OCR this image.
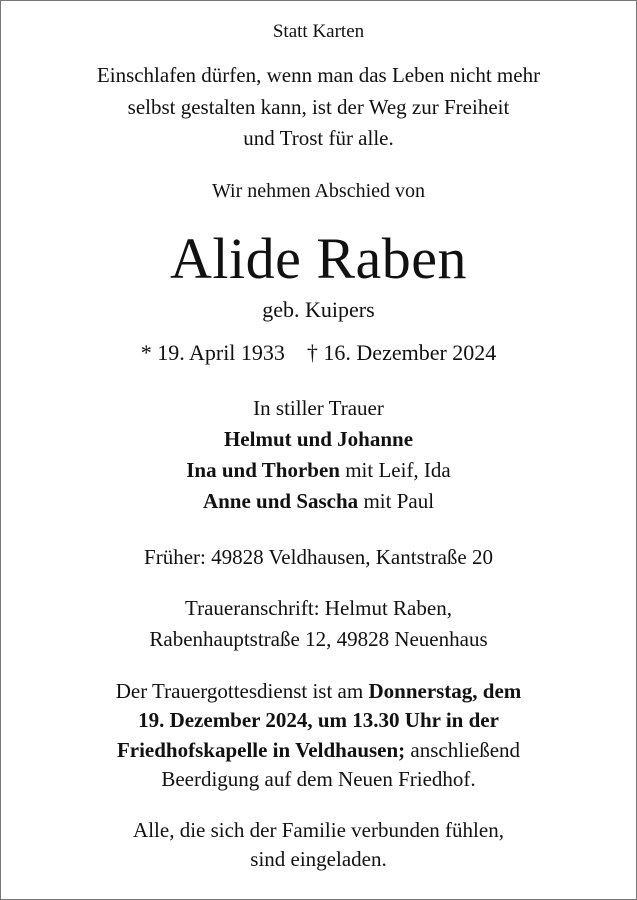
Statt Karten
Einschlafen dürfen, wenn man das Leben nicht mehr
selbst gestalten kann, ist der Weg zur Freiheit
und Trost für alle.
Wir nehmen Abschied von
Alide Raben
geb. Kuipers
* 19. April 1933 † 16. Dezember 2024
In stiller Trauer
Helmut und Johanne
Ina und Thorben mit Leif, Ida
Anne und Sascha mit Paul
Früher: 49828 Veldhausen, Kantstraße 20
Traueranschrift: Helmut Raben,
Rabenhauptstraße 12, 49828 Neuenhaus
Der Trauergottesdienst ist am Donnerstag, dem
19. Dezember 2024, um 13.30 Uhr in der
Friedhofskapelle in Veldhausen; anschließend
Beerdigung auf dem Neuen Friedhof.
Alle, die sich der Familie verbunden fühlen,
sind eingeladen.
